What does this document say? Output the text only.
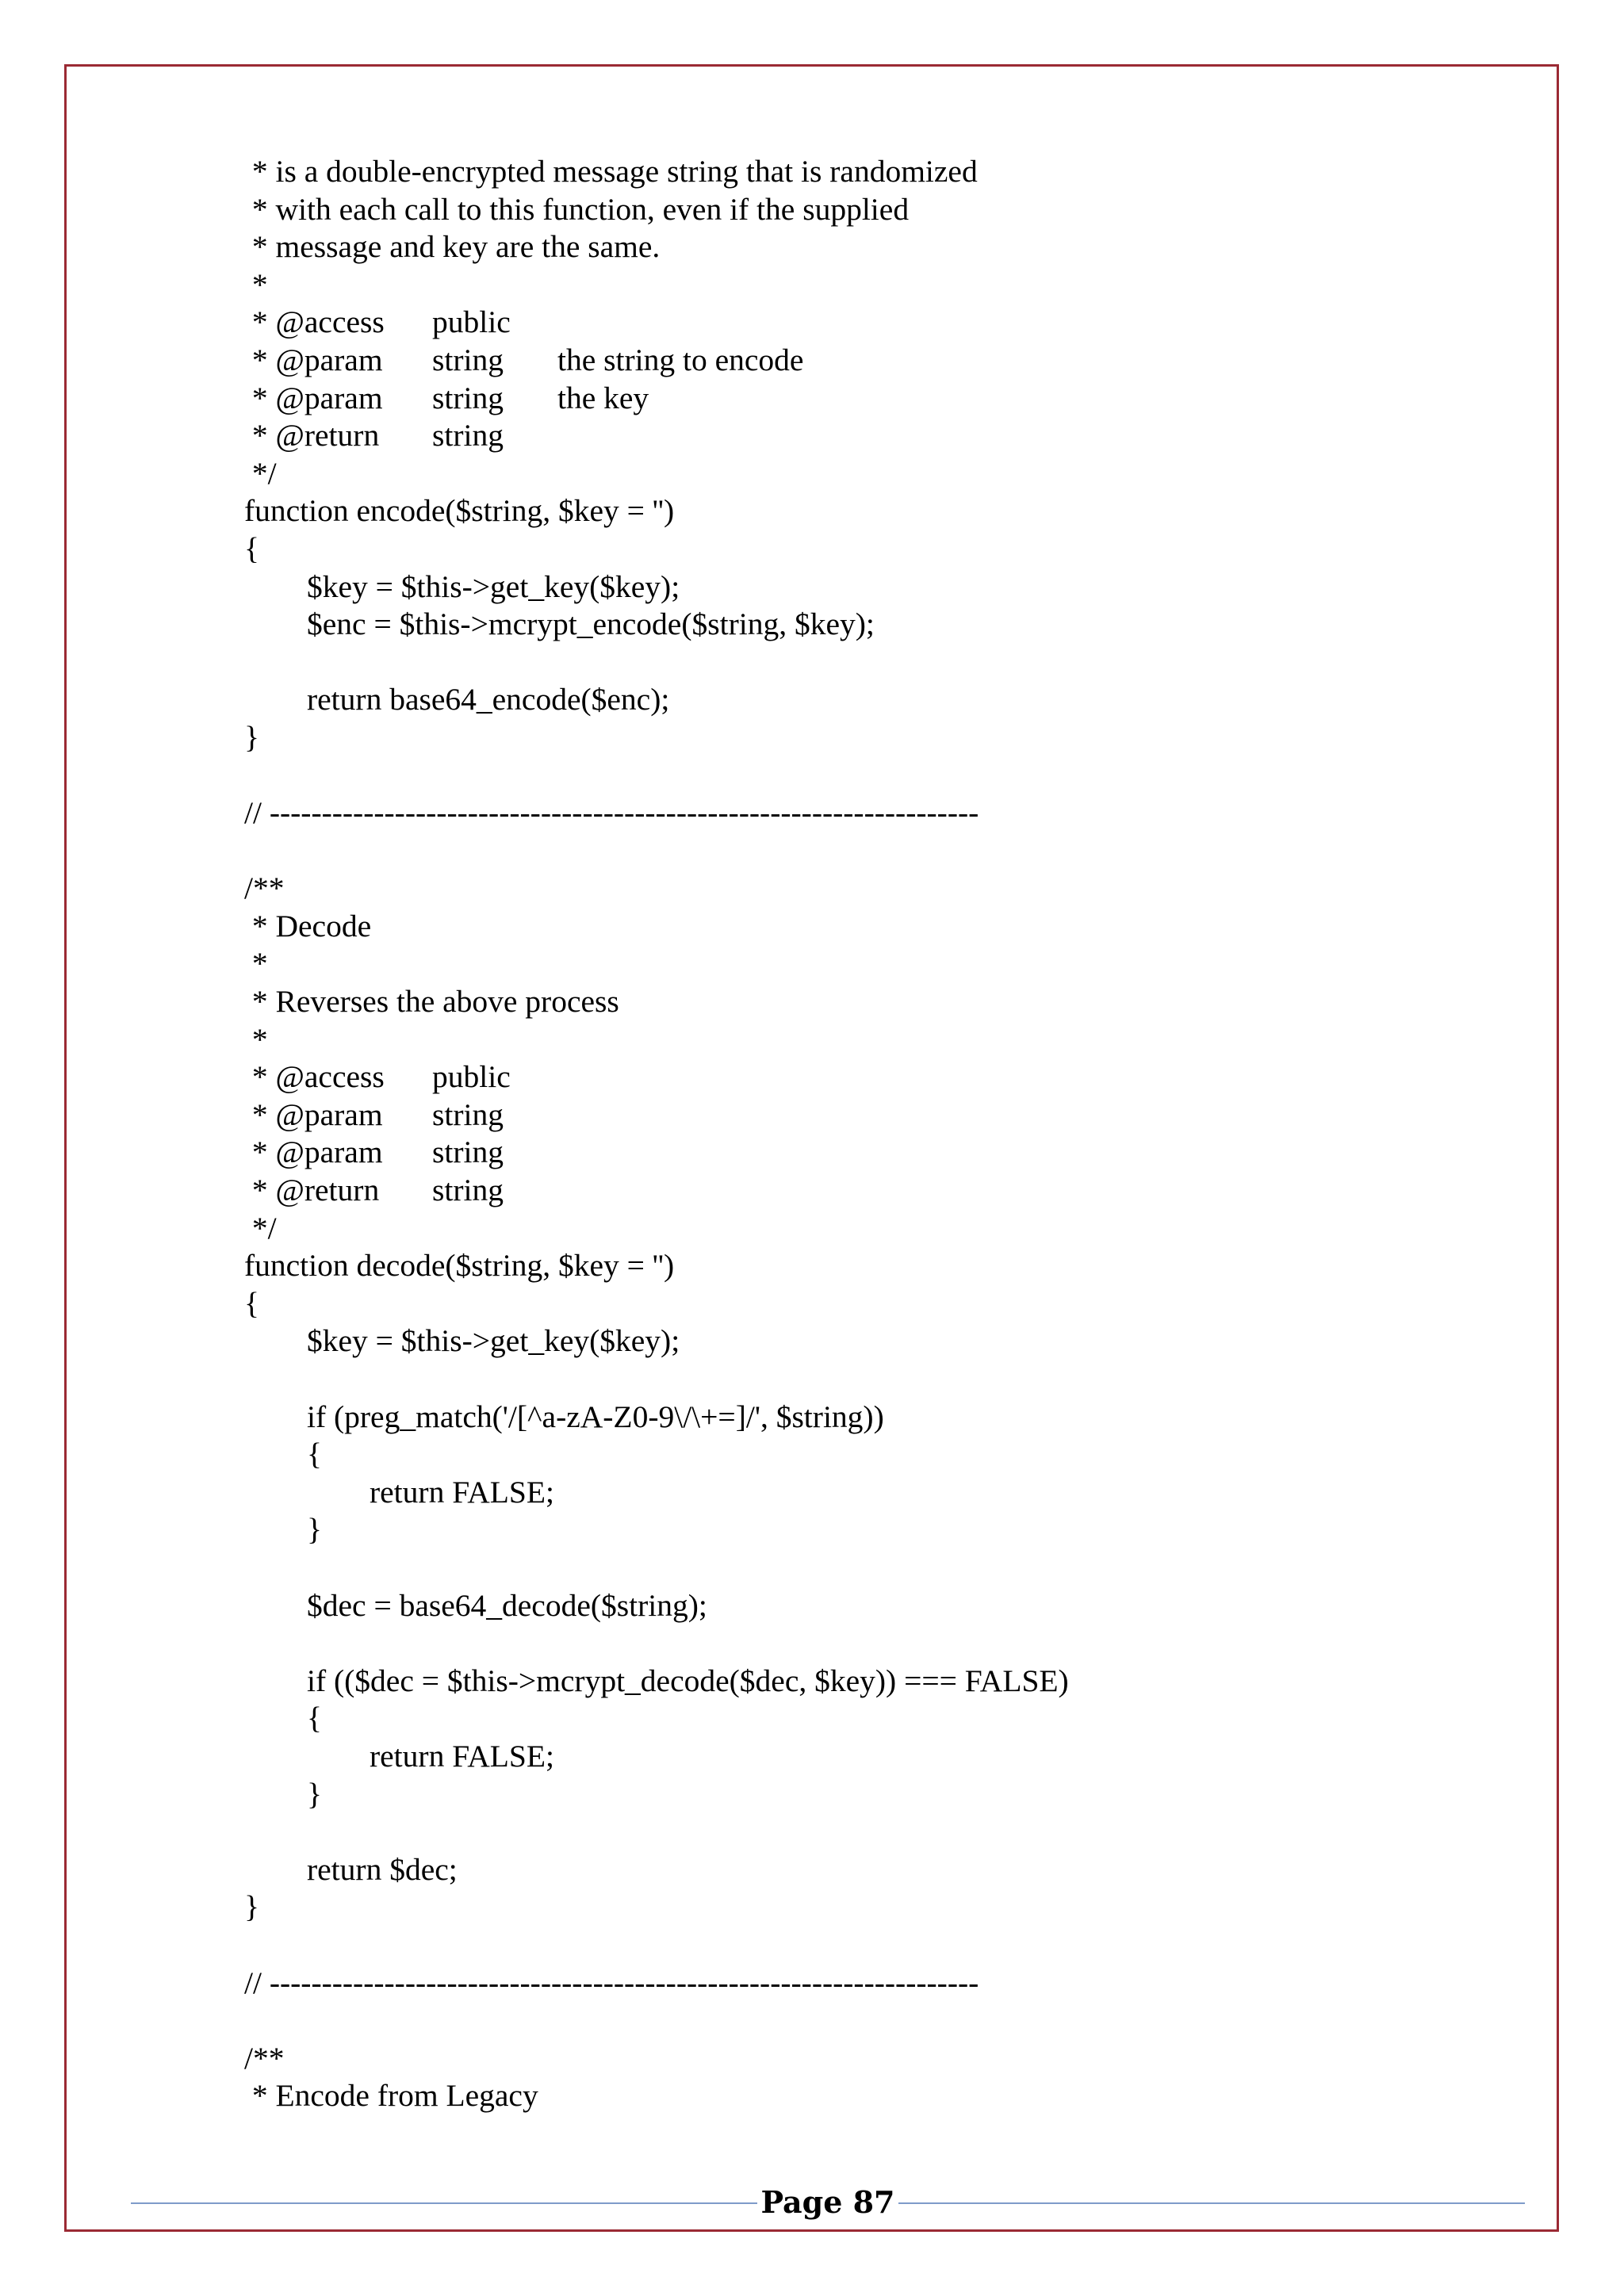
* is a double-encrypted message string that is randomized
* with each call to this function, even if the supplied
* message and key are the same.
*
* @access	public
* @param	string	the string to encode
* @param	string	the key
* @return	string
*/
function encode($string, $key = '')
{
	$key = $this->get_key($key);
	$enc = $this->mcrypt_encode($string, $key);
	return base64_encode($enc);
}
// --------------------------------------------------------------------
/**
* Decode
*
* Reverses the above process
*
* @access	public
* @param	string
* @param	string
* @return	string
*/
function decode($string, $key = '')
{
	$key = $this->get_key($key);
	if (preg_match('/[^a-zA-Z0-9\/\+=]/', $string))
	{
		return FALSE;
	}
	$dec = base64_decode($string);
	if (($dec = $this->mcrypt_decode($dec, $key)) === FALSE)
	{
		return FALSE;
	}
	return $dec;
}
// --------------------------------------------------------------------
/**
* Encode from Legacy
Page 87
